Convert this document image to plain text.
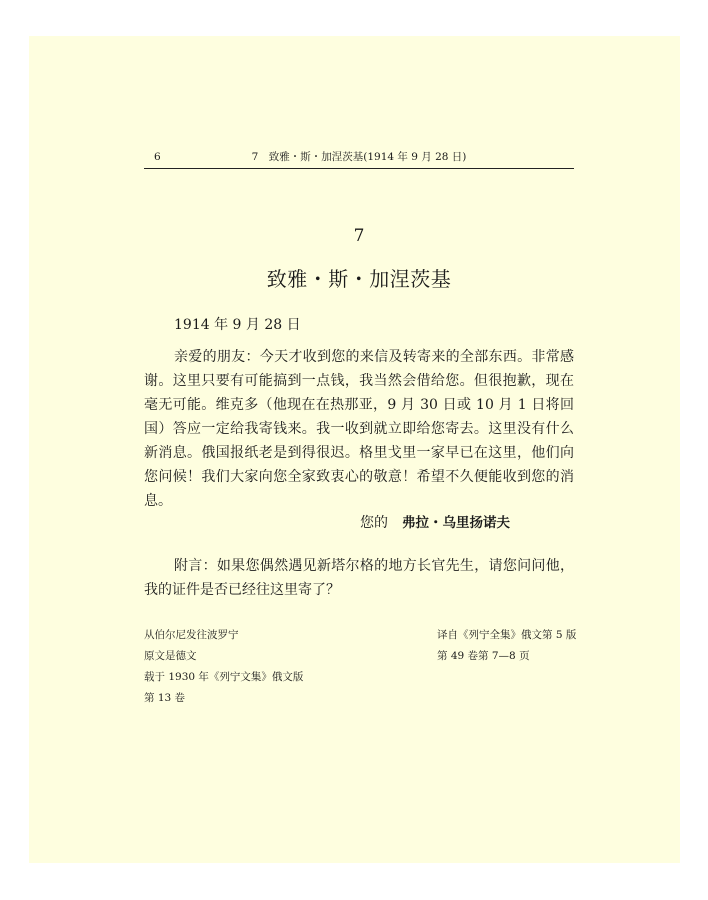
6	7　致雅・斯・加涅茨基(1914 年 9 月 28 日)
7
致雅・斯・加涅茨基
1914 年 9 月 28 日

亲爱的朋友：今天才收到您的来信及转寄来的全部东西。非常感谢。这里只要有可能搞到一点钱，我当然会借给您。但很抱歉，现在毫无可能。维克多（他现在在热那亚，9 月 30 日或 10 月 1 日将回国）答应一定给我寄钱来。我一收到就立即给您寄去。这里没有什么新消息。俄国报纸老是到得很迟。格里戈里一家早已在这里，他们向您问候！我们大家向您全家致衷心的敬意！希望不久便能收到您的消息。

您的 弗拉・乌里扬诺夫

附言：如果您偶然遇见新塔尔格的地方长官先生，请您问问他，我的证件是否已经往这里寄了？

从伯尔尼发往波罗宁
原文是德文
载于 1930 年《列宁文集》俄文版
第 13 卷
译自《列宁全集》俄文第 5 版
第 49 卷第 7—8 页
